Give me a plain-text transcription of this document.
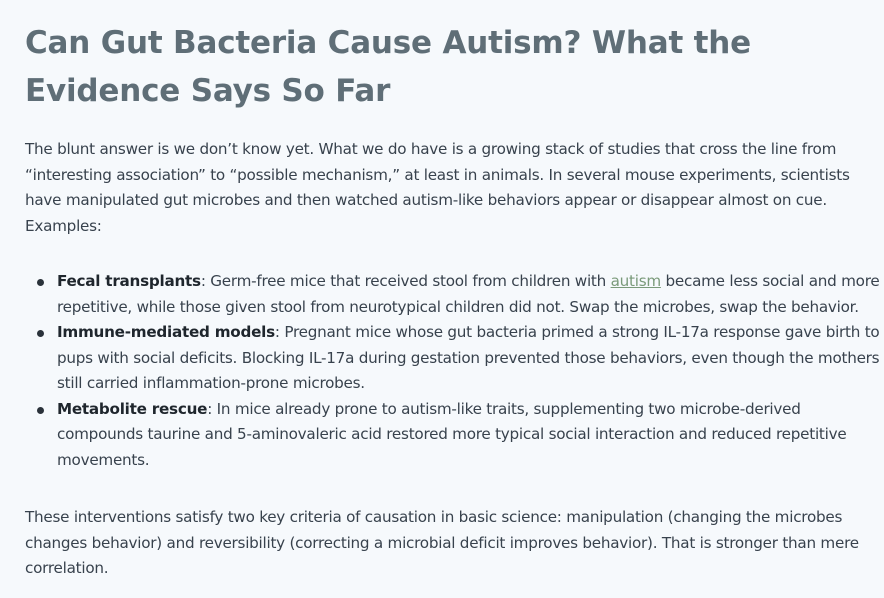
Can Gut Bacteria Cause Autism? What the Evidence Says So Far

The blunt answer is we don’t know yet. What we do have is a growing stack of studies that cross the line from “interesting association” to “possible mechanism,” at least in animals. In several mouse experiments, scientists have manipulated gut microbes and then watched autism-like behaviors appear or disappear almost on cue. Examples:

Fecal transplants: Germ-free mice that received stool from children with autism became less social and more repetitive, while those given stool from neurotypical children did not. Swap the microbes, swap the behavior.
Immune-mediated models: Pregnant mice whose gut bacteria primed a strong IL-17a response gave birth to pups with social deficits. Blocking IL-17a during gestation prevented those behaviors, even though the mothers still carried inflammation-prone microbes.
Metabolite rescue: In mice already prone to autism-like traits, supplementing two microbe-derived compounds taurine and 5-aminovaleric acid restored more typical social interaction and reduced repetitive movements.

These interventions satisfy two key criteria of causation in basic science: manipulation (changing the microbes changes behavior) and reversibility (correcting a microbial deficit improves behavior). That is stronger than mere correlation.
